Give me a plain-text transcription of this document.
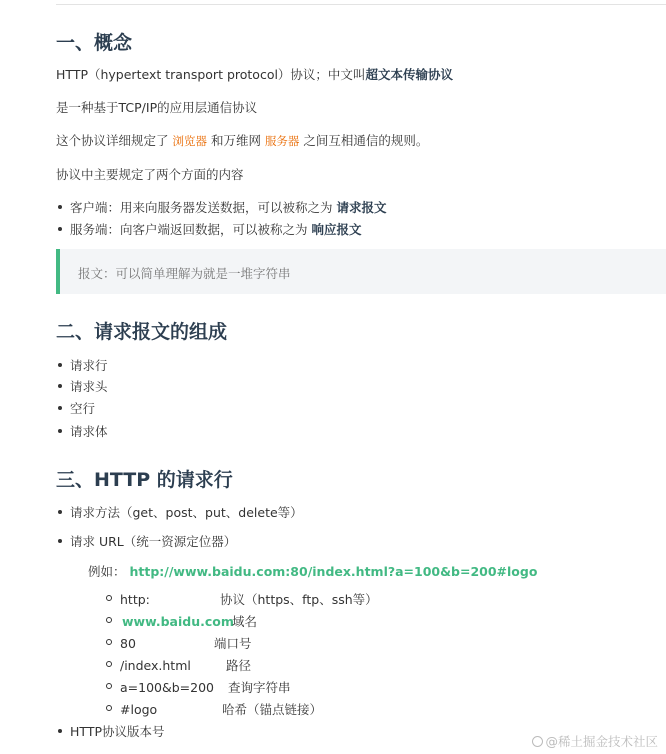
一、概念

HTTP（hypertext transport protocol）协议；中文叫超文本传输协议

是一种基于TCP/IP的应用层通信协议

这个协议详细规定了 浏览器 和万维网 服务器 之间互相通信的规则。

协议中主要规定了两个方面的内容

客户端：用来向服务器发送数据，可以被称之为 请求报文
服务端：向客户端返回数据，可以被称之为 响应报文
报文：可以简单理解为就是一堆字符串
二、请求报文的组成
请求行
请求头
空行
请求体
三、HTTP 的请求行
请求方法（get、post、put、delete等）
请求 URL（统一资源定位器）

例如： http://www.baidu.com:80/index.html?a=100&b=200#logo

http:	协议（https、ftp、ssh等）
www.baidu.com域名
80	端口号
/index.html	路径
a=100&b=200 查询字符串
#logo	哈希（锚点链接）
HTTP协议版本号
@稀土掘金技术社区
